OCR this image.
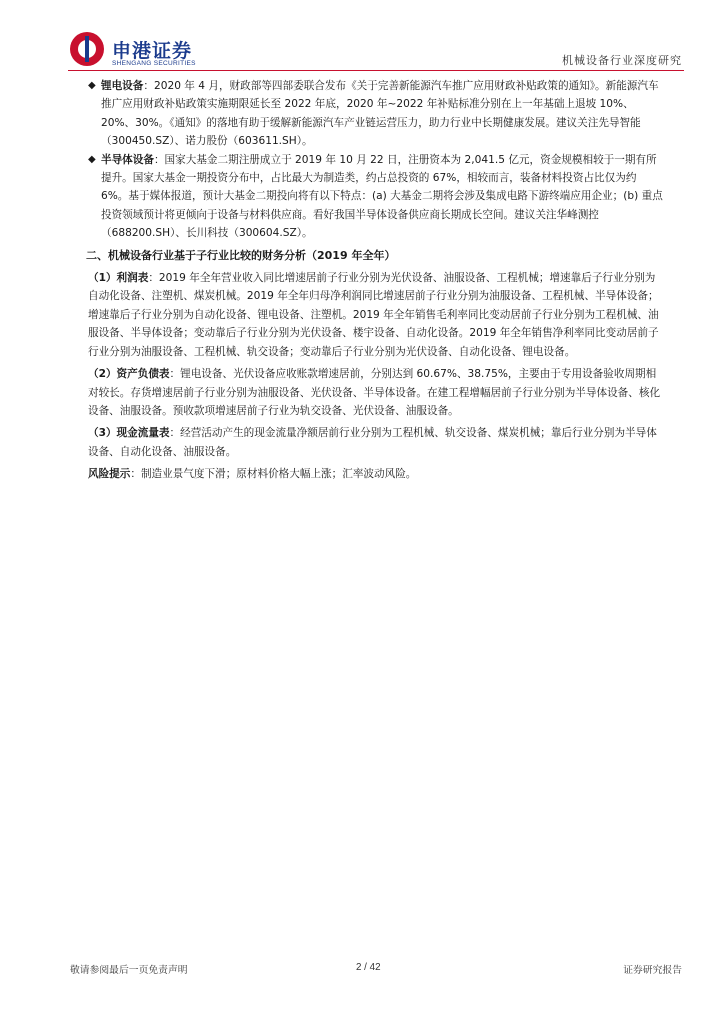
申港证券
SHENGANG SECURITIES	机械设备行业深度研究
◆ 锂电设备：2020 年 4 月，财政部等四部委联合发布《关于完善新能源汽车推广应用财政补贴政策的通知》。新能源汽车推广应用财政补贴政策实施期限延长至 2022 年底，2020 年~2022 年补贴标准分别在上一年基础上退坡 10%、20%、30%。《通知》的落地有助于缓解新能源汽车产业链运营压力，助力行业中长期健康发展。建议关注先导智能（300450.SZ）、诺力股份（603611.SH）。
◆ 半导体设备：国家大基金二期注册成立于 2019 年 10 月 22 日，注册资本为 2,041.5 亿元，资金规模相较于一期有所提升。国家大基金一期投资分布中，占比最大为制造类，约占总投资的 67%，相较而言，装备材料投资占比仅为约 6%。基于媒体报道，预计大基金二期投向将有以下特点：(a) 大基金二期将会涉及集成电路下游终端应用企业；(b) 重点投资领域预计将更倾向于设备与材料供应商。看好我国半导体设备供应商长期成长空间。建议关注华峰测控（688200.SH）、长川科技（300604.SZ）。
二、机械设备行业基于子行业比较的财务分析（2019 年全年）
（1）利润表：2019 年全年营业收入同比增速居前子行业分别为光伏设备、油服设备、工程机械；增速靠后子行业分别为自动化设备、注塑机、煤炭机械。2019 年全年归母净利润同比增速居前子行业分别为油服设备、工程机械、半导体设备；增速靠后子行业分别为自动化设备、锂电设备、注塑机。2019 年全年销售毛利率同比变动居前子行业分别为工程机械、油服设备、半导体设备；变动靠后子行业分别为光伏设备、楼宇设备、自动化设备。2019 年全年销售净利率同比变动居前子行业分别为油服设备、工程机械、轨交设备；变动靠后子行业分别为光伏设备、自动化设备、锂电设备。
（2）资产负债表：锂电设备、光伏设备应收账款增速居前，分别达到 60.67%、38.75%，主要由于专用设备验收周期相对较长。存货增速居前子行业分别为油服设备、光伏设备、半导体设备。在建工程增幅居前子行业分别为半导体设备、核化设备、油服设备。预收款项增速居前子行业为轨交设备、光伏设备、油服设备。
（3）现金流量表：经营活动产生的现金流量净额居前行业分别为工程机械、轨交设备、煤炭机械；靠后行业分别为半导体设备、自动化设备、油服设备。
风险提示：制造业景气度下滑；原材料价格大幅上涨；汇率波动风险。
敬请参阅最后一页免责声明	2 / 42	证券研究报告
